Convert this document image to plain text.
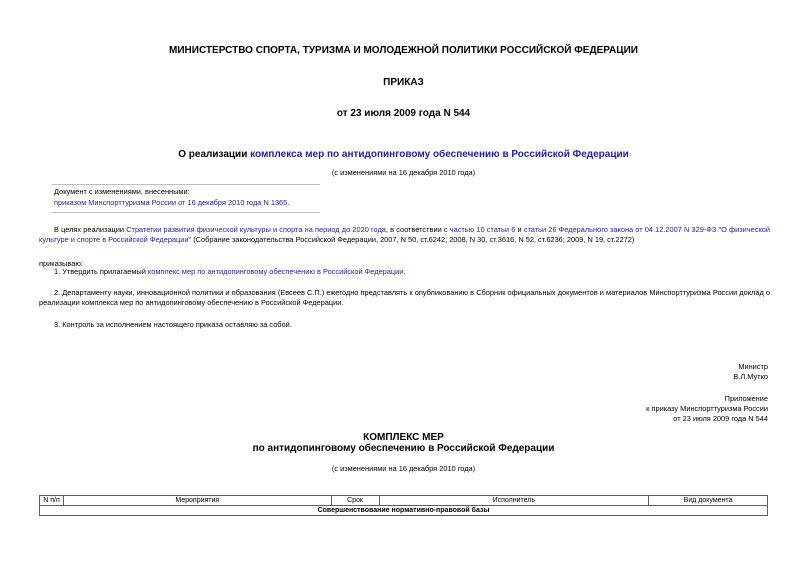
МИНИСТЕРСТВО СПОРТА, ТУРИЗМА И МОЛОДЕЖНОЙ ПОЛИТИКИ РОССИЙСКОЙ ФЕДЕРАЦИИ
ПРИКАЗ
от 23 июля 2009 года N 544
О реализации комплекса мер по антидопинговому обеспечению в Российской Федерации
(с изменениями на 16 декабря 2010 года)
Документ с изменениями, внесенными:
приказом Минспорттуризма России от 16 декабря 2010 года N 1365.
В целях реализации Стратегии развития физической культуры и спорта на период до 2020 года, в соответствии с частью 10 статьи 6 и статьи 26 Федерального закона от 04.12.2007 N 329-ФЗ "О физической культуре и спорте в Российской Федерации" (Собрание законодательства Российской Федерации, 2007, N 50, ст.6242; 2008, N 30, ст.3616, N 52, ст.6236; 2009, N 19, ст.2272)
приказываю:
1. Утвердить прилагаемый комплекс мер по антидопинговому обеспечению в Российской Федерации.
2. Департаменту науки, инновационной политики и образования (Евсеев С.П.) ежегодно представлять к опубликованию в Сборник официальных документов и материалов Минспорттуризма России доклад о реализации комплекса мер по антидопинговому обеспечению в Российской Федерации.
3. Контроль за исполнением настоящего приказа оставляю за собой.
Министр
В.Л.Мутко
Приложение
к приказу Минспорттуризма России
от 23 июля 2009 года N 544
КОМПЛЕКС МЕР
по антидопинговому обеспечению в Российской Федерации
(с изменениями на 16 декабря 2010 года)
N п/п	Мероприятия	Срок	Исполнитель	Вид документа
Совершенствование нормативно-правовой базы
